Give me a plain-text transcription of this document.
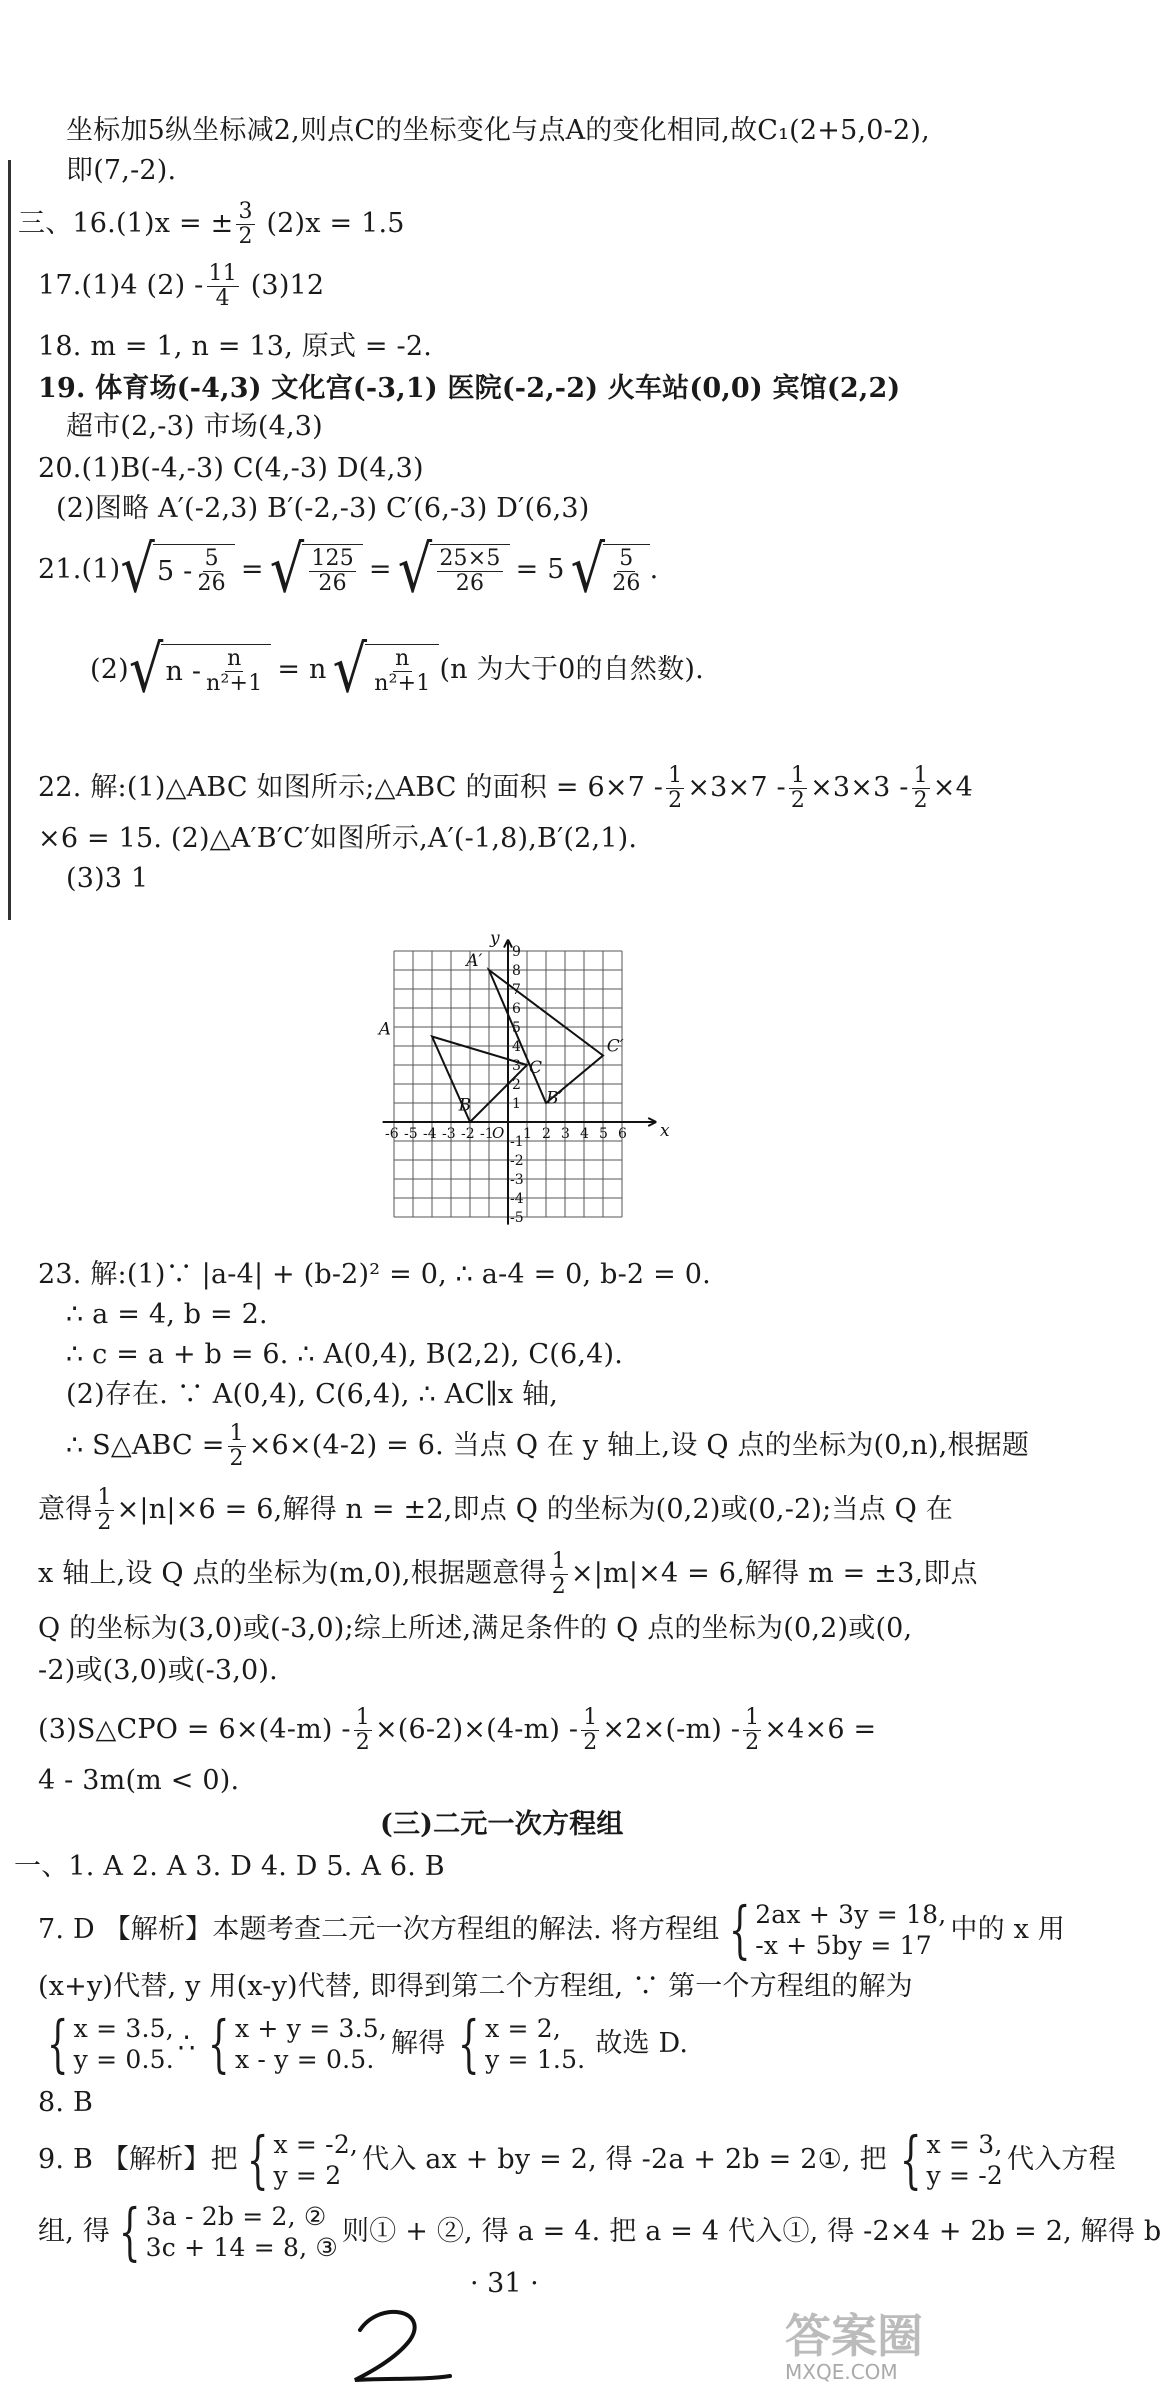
坐标加5纵坐标减2,则点C的坐标变化与点A的变化相同,故C₁(2+5,0-2),
即(7,-2).
三、16.(1)x = ± $\frac{3}{2} (2)x = 1.5$
17.(1)4 $(2) - \frac{11}{4} (3)12$
18. m = 1, n = 13, 原式 = -2.
19. 体育场(-4,3) 文化宫(-3,1) 医院(-2,-2) 火车站(0,0) 宾馆(2,2)
超市(2,-3) 市场(4,3)
20.(1)B(-4,-3) C(4,-3) D(4,3)
(2)图略 A′(-2,3) B′(-2,-3) C′(6,-3) D′(6,3)
21.(1) √ $5 - \frac{5}{26}$ = √ $\frac{125}{26}$ = √ $\frac{25\times 5}{26} = 5$ √ $\frac{5}{26}$ .
(2) √ $n - \frac{n}{\text{n²+1}} = n$ √ $\frac{n}{\text{n²+1}} (n$ 为大于0的自然数).
22. 解:(1)△ABC 如图所示;△ABC 的面积 = $6\times 7 - \frac{1}{2} \times 3\times 7 - \frac{1}{2} \times 3\times 3 - \frac{1}{2} \times 4$
×6 = 15. (2)△A′B′C′如图所示,A′(-1,8),B′(2,1).
(3)3 1
-6 -5 -4 -3 -2 -1 1 2 3 4 5 6
9
8
7
6
5
4
3
2
1
-1
-2
-3
-4
-5
A
B
C
A′
B′
C′
x
y
O
23. 解:(1)∵ |a-4| + (b-2)² = 0, ∴ a-4 = 0, b-2 = 0.
∴ a = 4, b = 2.
∴ c = a + b = 6. ∴ A(0,4), B(2,2), C(6,4).
(2)存在. ∵ A(0,4), C(6,4), ∴ AC∥x 轴,
∴ S△ABC = $\frac{1}{2} \times 6\times(4-2) = 6$. 当点 Q 在 y 轴上,设 Q 点的坐标为(0,n),根据题
意得 $\frac{1}{2} \times|n|\times 6 = 6$,解得 n = ±2,即点 Q 的坐标为(0,2)或(0,-2);当点 Q 在
x 轴上,设 Q 点的坐标为(m,0),根据题意得 $\frac{1}{2} \times|m|\times 4 = 6$,解得 m = ±3,即点
Q 的坐标为(3,0)或(-3,0);综上所述,满足条件的 Q 点的坐标为(0,2)或(0,
-2)或(3,0)或(-3,0).
(3)S△CPO = $6\times(4-m) - \frac{1}{2} \times(6-2)\times(4-m) - \frac{1}{2} \times 2\times(-m) - \frac{1}{2} \times 4\times 6$ =
4 - 3m(m < 0).
(三)二元一次方程组
一、1. A 2. A 3. D 4. D 5. A 6. B
7. D 【解析】本题考查二元一次方程组的解法. 将方程组 { 2ax + 3y = 18,
-x + 5by = 17
中的 x 用
(x+y)代替, y 用(x-y)代替, 即得到第二个方程组, ∵ 第一个方程组的解为
{ x = 3.5,
y = 0.5.
∴ { x + y = 3.5,
x - y = 0.5.
解得 { x = 2,
y = 1.5.
故选 D.
8. B
9. B 【解析】把 { x = -2,
y = 2
代入 ax + by = 2, 得 -2a + 2b = 2①, 把 { x = 3,
y = -2
代入方程
组, 得 { 3a - 2b = 2, ②
3c + 14 = 8, ③
则① + ②, 得 a = 4. 把 a = 4 代入①, 得 -2×4 + 2b = 2, 解得 b
· 31 ·
答案圈
MXQE.COM
